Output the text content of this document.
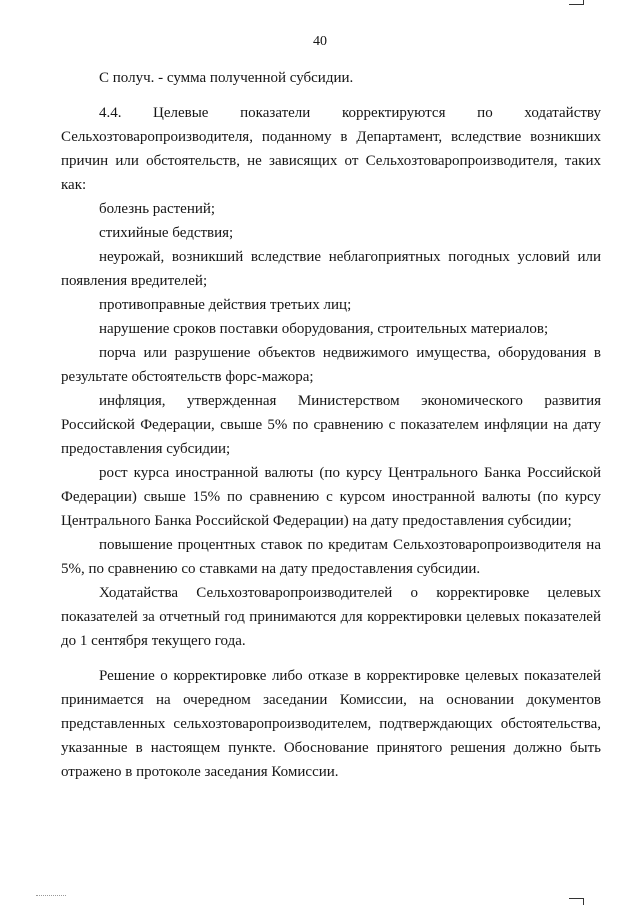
40

С получ. - сумма полученной субсидии.

4.4. Целевые показатели корректируются по ходатайству Сельхозтоваропроизводителя, поданному в Департамент, вследствие возникших причин или обстоятельств, не зависящих от Сельхозтоваропроизводителя, таких как:

болезнь растений;

стихийные бедствия;

неурожай, возникший вследствие неблагоприятных погодных условий или появления вредителей;

противоправные действия третьих лиц;

нарушение сроков поставки оборудования, строительных материалов;

порча или разрушение объектов недвижимого имущества, оборудования в результате обстоятельств форс-мажора;

инфляция, утвержденная Министерством экономического развития Российской Федерации, свыше 5% по сравнению с показателем инфляции на дату предоставления субсидии;

рост курса иностранной валюты (по курсу Центрального Банка Российской Федерации) свыше 15% по сравнению с курсом иностранной валюты (по курсу Центрального Банка Российской Федерации) на дату предоставления субсидии;

повышение процентных ставок по кредитам Сельхозтоваропроизводителя на 5%, по сравнению со ставками на дату предоставления субсидии.

Ходатайства Сельхозтоваропроизводителей о корректировке целевых показателей за отчетный год принимаются для корректировки целевых показателей до 1 сентября текущего года.

Решение о корректировке либо отказе в корректировке целевых показателей принимается на очередном заседании Комиссии, на основании документов представленных сельхозтоваропроизводителем, подтверждающих обстоятельства, указанные в настоящем пункте. Обоснование принятого решения должно быть отражено в протоколе заседания Комиссии.
